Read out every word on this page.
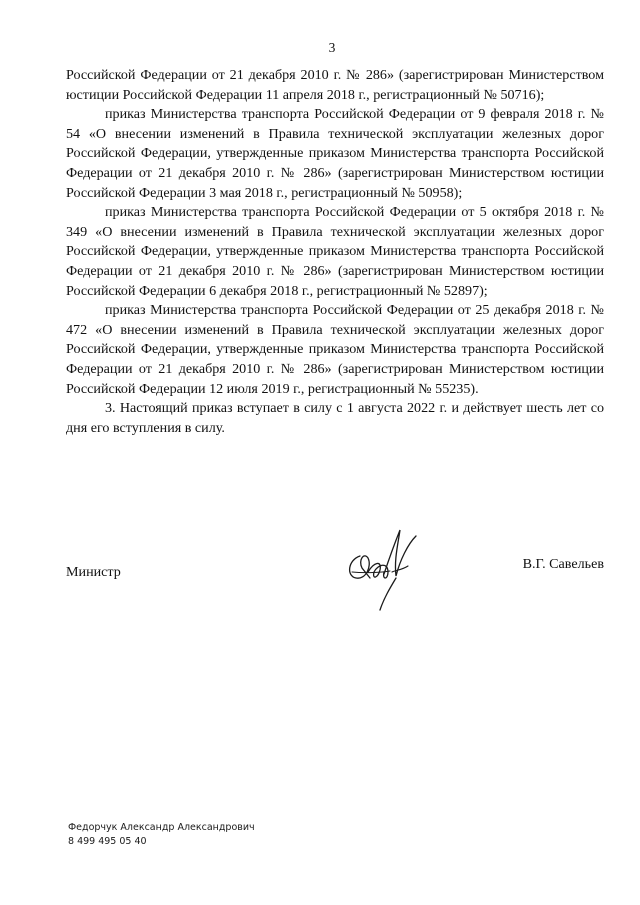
3

Российской Федерации от 21 декабря 2010 г. № 286» (зарегистрирован Министерством юстиции Российской Федерации 11 апреля 2018 г., регистрационный № 50716);

приказ Министерства транспорта Российской Федерации от 9 февраля 2018 г. № 54 «О внесении изменений в Правила технической эксплуатации железных дорог Российской Федерации, утвержденные приказом Министерства транспорта Российской Федерации от 21 декабря 2010 г. № 286» (зарегистрирован Министерством юстиции Российской Федерации 3 мая 2018 г., регистрационный № 50958);

приказ Министерства транспорта Российской Федерации от 5 октября 2018 г. № 349 «О внесении изменений в Правила технической эксплуатации железных дорог Российской Федерации, утвержденные приказом Министерства транспорта Российской Федерации от 21 декабря 2010 г. № 286» (зарегистрирован Министерством юстиции Российской Федерации 6 декабря 2018 г., регистрационный № 52897);

приказ Министерства транспорта Российской Федерации от 25 декабря 2018 г. № 472 «О внесении изменений в Правила технической эксплуатации железных дорог Российской Федерации, утвержденные приказом Министерства транспорта Российской Федерации от 21 декабря 2010 г. № 286» (зарегистрирован Министерством юстиции Российской Федерации 12 июля 2019 г., регистрационный № 55235).

3. Настоящий приказ вступает в силу с 1 августа 2022 г. и действует шесть лет со дня его вступления в силу.

Министр	В.Г. Савельев
Федорчук Александр Александрович
8 499 495 05 40
